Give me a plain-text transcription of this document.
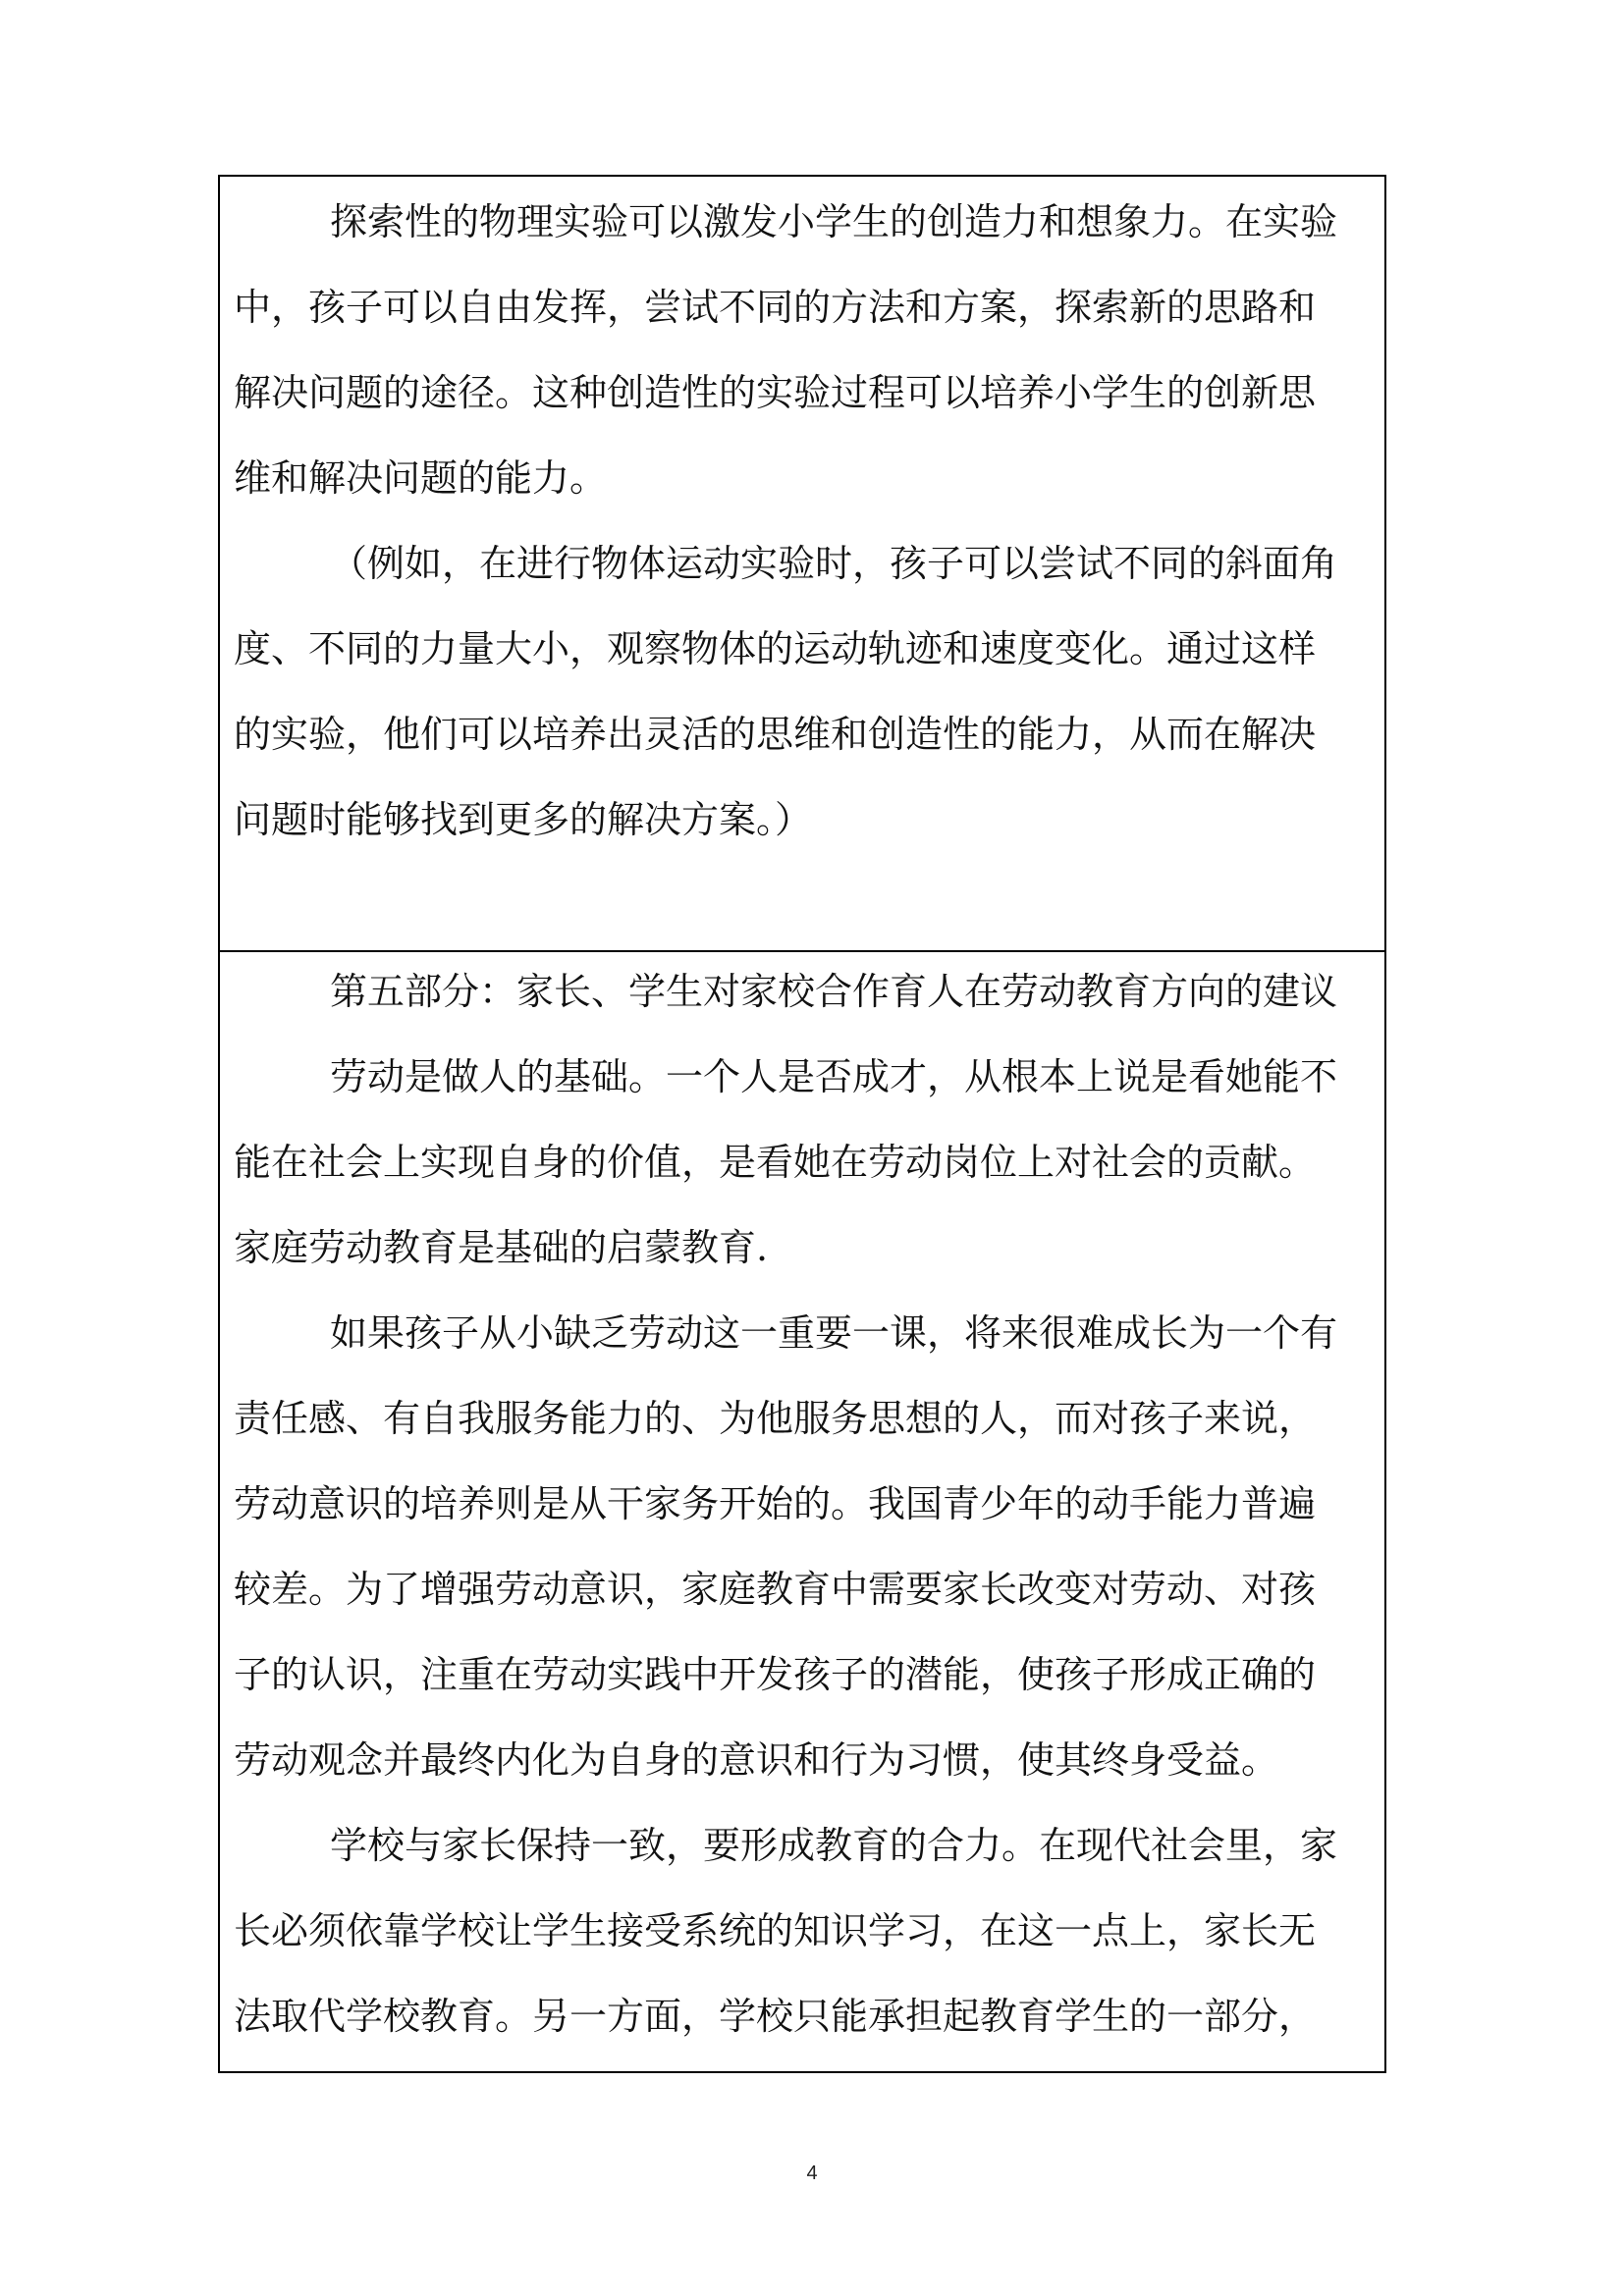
探索性的物理实验可以激发小学生的创造力和想象力。在实验
中，孩子可以自由发挥，尝试不同的方法和方案，探索新的思路和
解决问题的途径。这种创造性的实验过程可以培养小学生的创新思
维和解决问题的能力。
（例如，在进行物体运动实验时，孩子可以尝试不同的斜面角
度、不同的力量大小，观察物体的运动轨迹和速度变化。通过这样
的实验，他们可以培养出灵活的思维和创造性的能力，从而在解决
问题时能够找到更多的解决方案。）
第五部分：家长、学生对家校合作育人在劳动教育方向的建议
劳动是做人的基础。一个人是否成才，从根本上说是看她能不
能在社会上实现自身的价值，是看她在劳动岗位上对社会的贡献。
家庭劳动教育是基础的启蒙教育.
如果孩子从小缺乏劳动这一重要一课，将来很难成长为一个有
责任感、有自我服务能力的、为他服务思想的人，而对孩子来说，
劳动意识的培养则是从干家务开始的。我国青少年的动手能力普遍
较差。为了增强劳动意识，家庭教育中需要家长改变对劳动、对孩
子的认识，注重在劳动实践中开发孩子的潜能，使孩子形成正确的
劳动观念并最终内化为自身的意识和行为习惯，使其终身受益。
学校与家长保持一致，要形成教育的合力。在现代社会里，家
长必须依靠学校让学生接受系统的知识学习，在这一点上，家长无
法取代学校教育。另一方面，学校只能承担起教育学生的一部分，
4
